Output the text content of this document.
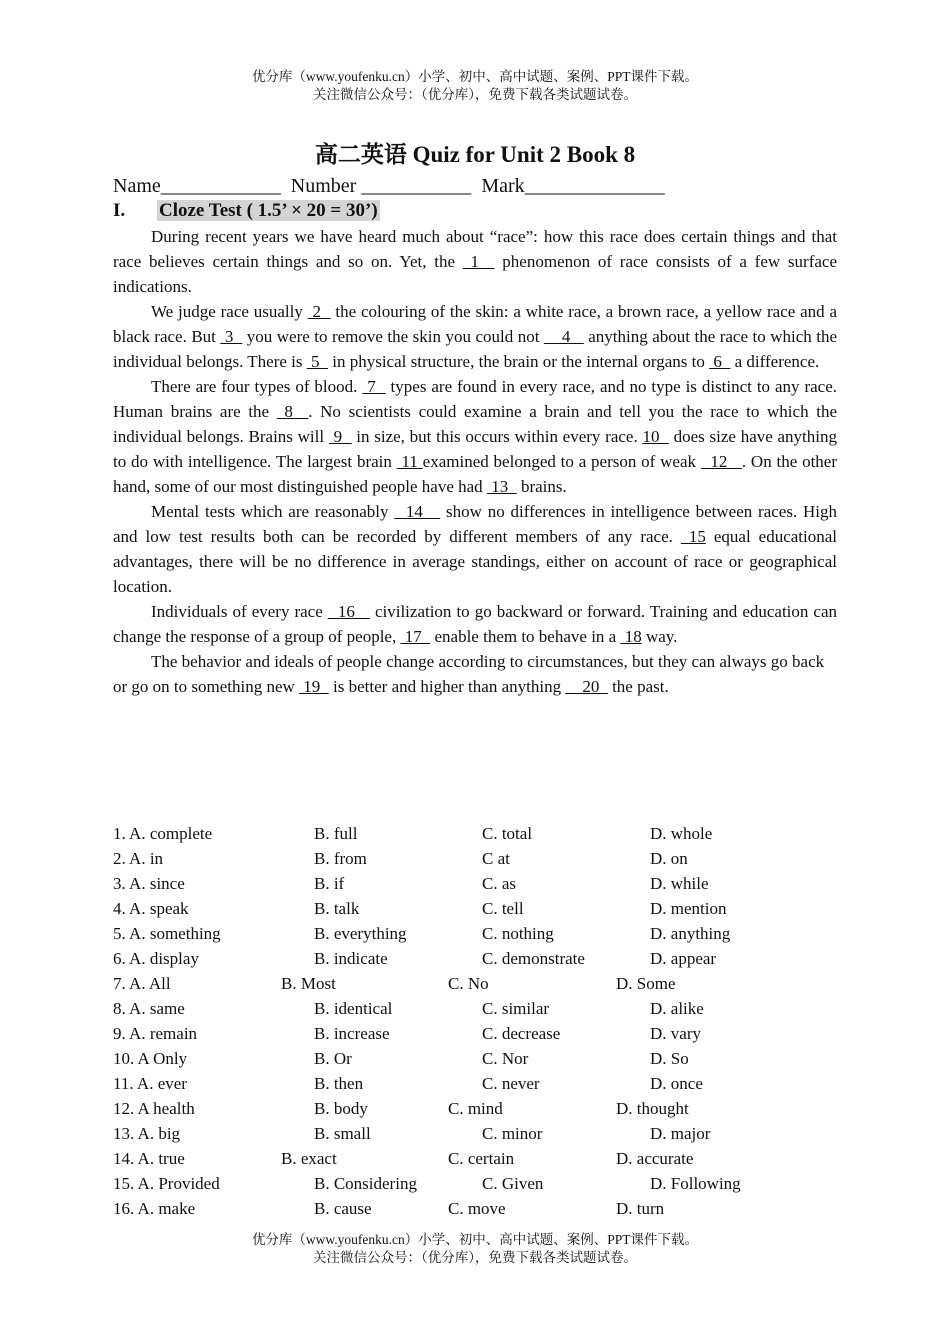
优分库（www.youfenku.cn）小学、初中、高中试题、案例、PPT课件下载。
关注微信公众号：（优分库），免费下载各类试题试卷。
高二英语 Quiz for Unit 2 Book 8
Name____________ Number ___________ Mark______________
I. Cloze Test ( 1.5’ × 20 = 30’)

During recent years we have heard much about “race”: how this race does certain things and that race believes certain things and so on. Yet, the  1   phenomenon of race consists of a few surface indications.

We judge race usually  2   the colouring of the skin: a white race, a brown race, a yellow race and a black race. But  3   you were to remove the skin you could not     4    anything about the race to which the individual belongs. There is  5   in physical structure, the brain or the internal organs to  6   a difference.

There are four types of blood.  7   types are found in every race, and no type is distinct to any race. Human brains are the  8  . No scientists could examine a brain and tell you the race to which the individual belongs. Brains will  9   in size, but this occurs within every race. 10   does size have anything to do with intelligence. The largest brain  11 examined belonged to a person of weak   12   . On the other hand, some of our most distinguished people have had  13   brains.

Mental tests which are reasonably   14    show no differences in intelligence between races. High and low test results both can be recorded by different members of any race.  15 equal educational advantages, there will be no difference in average standings, either on account of race or geographical location.

Individuals of every race   16    civilization to go backward or forward. Training and education can change the response of a group of people,  17   enable them to behave in a  18 way.

The behavior and ideals of people change according to circumstances, but they can always go back or go on to something new  19   is better and higher than anything     20   the past.

1. A. complete	B. full	C. total	D. whole
2. A. in	B. from	C at	D. on
3. A. since	B. if	C. as	D. while
4. A. speak	B. talk	C. tell	D. mention
5. A. something	B. everything	C. nothing	D. anything
6. A. display	B. indicate	C. demonstrate	D. appear
7. A. All	B. Most	C. No	D. Some
8. A. same	B. identical	C. similar	D. alike
9. A. remain	B. increase	C. decrease	D. vary
10. A Only	B. Or	C. Nor	D. So
11. A. ever	B. then	C. never	D. once
12. A health	B. body	C. mind	D. thought
13. A. big	B. small	C. minor	D. major
14. A. true	B. exact	C. certain	D. accurate
15. A. Provided	B. Considering	C. Given	D. Following
16. A. make	B. cause	C. move	D. turn
优分库（www.youfenku.cn）小学、初中、高中试题、案例、PPT课件下载。
关注微信公众号：（优分库），免费下载各类试题试卷。
